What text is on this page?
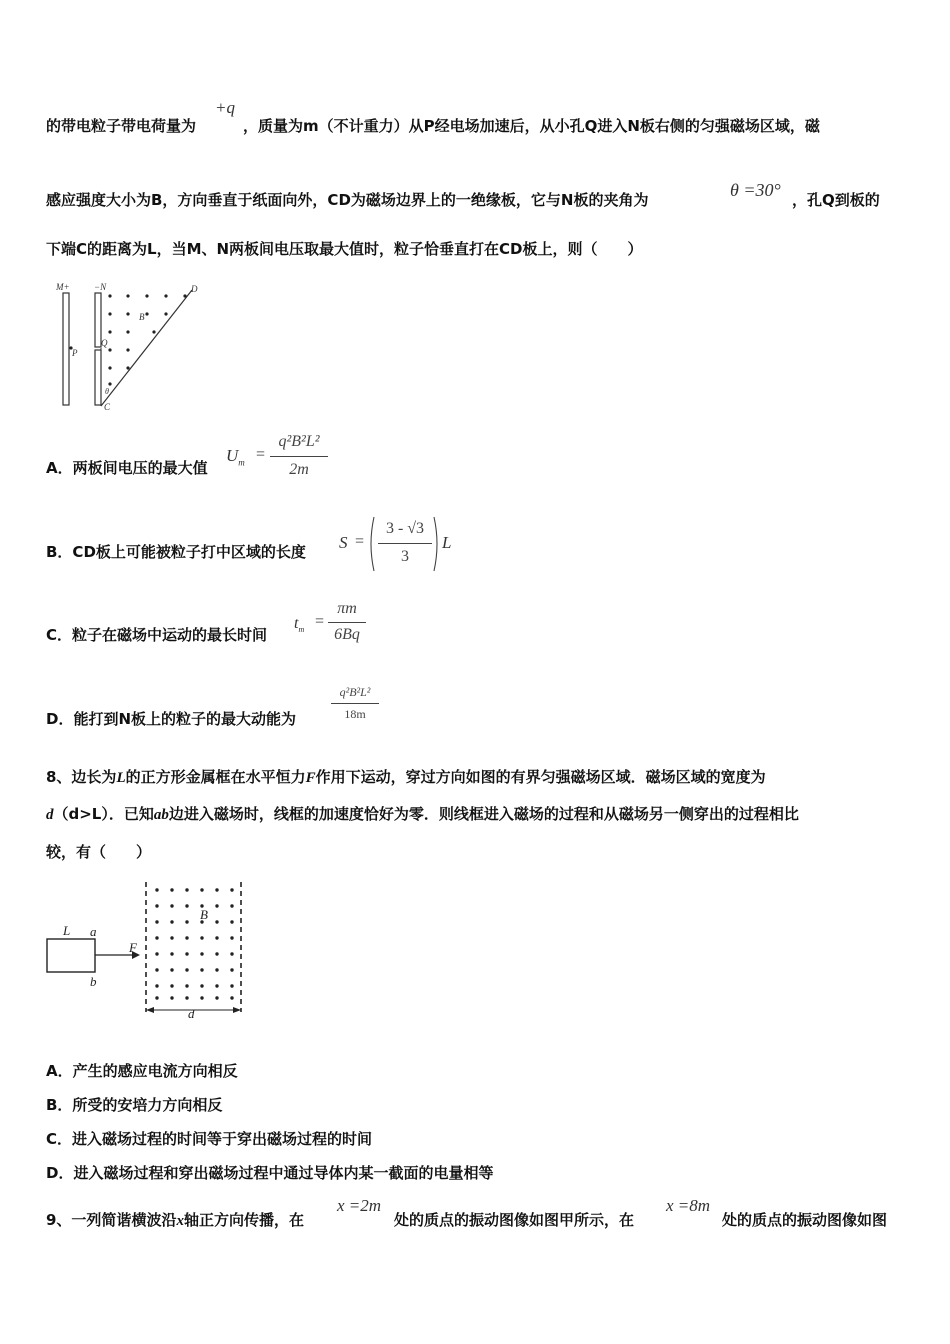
的带电粒子带电荷量为
+q
，质量为m（不计重力）从P经电场加速后，从小孔Q进入N板右侧的匀强磁场区域，磁
感应强度大小为B，方向垂直于纸面向外，CD为磁场边界上的一绝缘板，它与N板的夹角为	θ =30° ，孔Q到板的
下端C的距离为L，当M、N两板间电压取最大值时，粒子恰垂直打在CD板上，则（　　）
M+	−N
P
Q
B
C
D
θ
A．两板间电压的最大值
$U_m$ =
q²B²L²
2m
B．CD板上可能被粒子打中区域的长度 S =
3 - √3
3
L
C．粒子在磁场中运动的最长时间
$t_m$ =
πm
6Bq
D．能打到N板上的粒子的最大动能为
q²B²L²
18m
8、边长为L的正方形金属框在水平恒力F作用下运动，穿过方向如图的有界匀强磁场区域．磁场区域的宽度为
d（d>L）．已知ab边进入磁场时，线框的加速度恰好为零．则线框进入磁场的过程和从磁场另一侧穿出的过程相比
较，有（　　）
L a
b
F
B
d
A．产生的感应电流方向相反
B．所受的安培力方向相反
C．进入磁场过程的时间等于穿出磁场过程的时间
D．进入磁场过程和穿出磁场过程中通过导体内某一截面的电量相等
9、一列简谐横波沿x轴正方向传播，在
x =2m
处的质点的振动图像如图甲所示，在
x =8m
处的质点的振动图像如图
